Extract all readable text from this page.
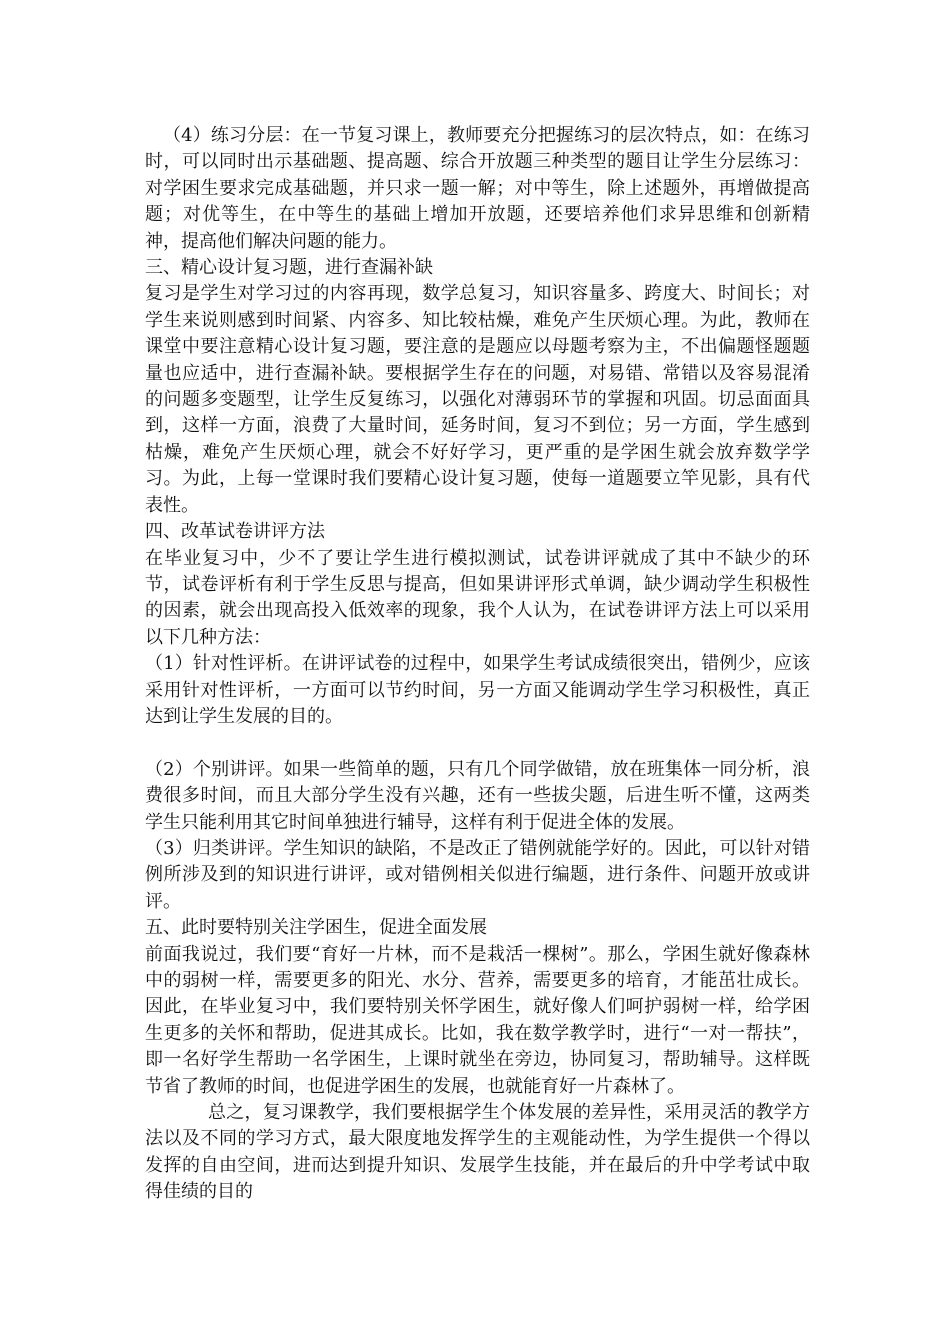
（4）练习分层：在一节复习课上，教师要充分把握练习的层次特点，如：在练习时，可以同时出示基础题、提高题、综合开放题三种类型的题目让学生分层练习：对学困生要求完成基础题，并只求一题一解；对中等生，除上述题外，再增做提高题；对优等生，在中等生的基础上增加开放题，还要培养他们求异思维和创新精神，提高他们解决问题的能力。

三、精心设计复习题，进行查漏补缺

复习是学生对学习过的内容再现，数学总复习，知识容量多、跨度大、时间长；对学生来说则感到时间紧、内容多、知比较枯燥，难免产生厌烦心理。为此，教师在课堂中要注意精心设计复习题，要注意的是题应以母题考察为主，不出偏题怪题题量也应适中，进行查漏补缺。要根据学生存在的问题，对易错、常错以及容易混淆的问题多变题型，让学生反复练习，以强化对薄弱环节的掌握和巩固。切忌面面具到，这样一方面，浪费了大量时间，延务时间，复习不到位；另一方面，学生感到枯燥，难免产生厌烦心理，就会不好好学习，更严重的是学困生就会放弃数学学习。为此，上每一堂课时我们要精心设计复习题，使每一道题要立竿见影，具有代表性。

四、改革试卷讲评方法

在毕业复习中，少不了要让学生进行模拟测试，试卷讲评就成了其中不缺少的环节，试卷评析有利于学生反思与提高，但如果讲评形式单调，缺少调动学生积极性的因素，就会出现高投入低效率的现象，我个人认为，在试卷讲评方法上可以采用以下几种方法：

（1）针对性评析。在讲评试卷的过程中，如果学生考试成绩很突出，错例少，应该采用针对性评析，一方面可以节约时间，另一方面又能调动学生学习积极性，真正达到让学生发展的目的。

（2）个别讲评。如果一些简单的题，只有几个同学做错，放在班集体一同分析，浪费很多时间，而且大部分学生没有兴趣，还有一些拔尖题，后进生听不懂，这两类学生只能利用其它时间单独进行辅导，这样有利于促进全体的发展。

（3）归类讲评。学生知识的缺陷，不是改正了错例就能学好的。因此，可以针对错例所涉及到的知识进行讲评，或对错例相关似进行编题，进行条件、问题开放或讲评。

五、此时要特别关注学困生，促进全面发展

前面我说过，我们要“育好一片林，而不是栽活一棵树”。那么，学困生就好像森林中的弱树一样，需要更多的阳光、水分、营养，需要更多的培育，才能茁壮成长。因此，在毕业复习中，我们要特别关怀学困生，就好像人们呵护弱树一样，给学困生更多的关怀和帮助，促进其成长。比如，我在数学教学时，进行“一对一帮扶”，即一名好学生帮助一名学困生，上课时就坐在旁边，协同复习，帮助辅导。这样既节省了教师的时间，也促进学困生的发展，也就能育好一片森林了。

总之，复习课教学，我们要根据学生个体发展的差异性，采用灵活的教学方法以及不同的学习方式，最大限度地发挥学生的主观能动性，为学生提供一个得以发挥的自由空间，进而达到提升知识、发展学生技能，并在最后的升中学考试中取得佳绩的目的
